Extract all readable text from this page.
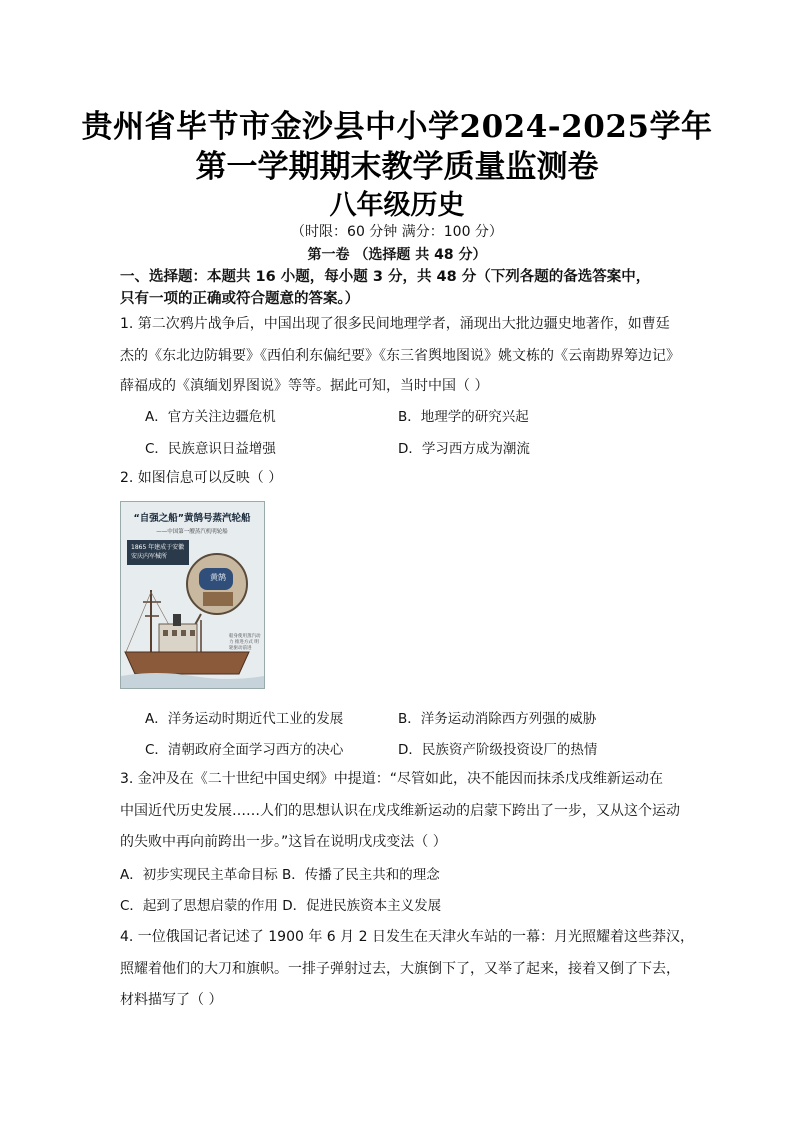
贵州省毕节市金沙县中小学2024-2025学年
第一学期期末教学质量监测卷
八年级历史
（时限：60 分钟 满分：100 分）
第一卷 （选择题 共 48 分）
一、选择题：本题共 16 小题，每小题 3 分，共 48 分（下列各题的备选答案中，
只有一项的正确或符合题意的答案。）
1. 第二次鸦片战争后，中国出现了很多民间地理学者，涌现出大批边疆史地著作，如曹廷
杰的《东北边防辑要》《西伯利东偏纪要》《东三省舆地图说》姚文栋的《云南勘界筹边记》
薛福成的《滇缅划界图说》等等。据此可知，当时中国（ ）
A．官方关注边疆危机	B．地理学的研究兴起
C．民族意识日益增强	D．学习西方成为潮流
2. 如图信息可以反映（ ）
“自强之船”黄鹄号蒸汽轮船
——中国第一艘蒸汽机明轮船
1865 年建成于安徽安庆内军械所
黄鹄
船身使用蒸汽动力 推进方式 明轮驱动前进
A．洋务运动时期近代工业的发展	B．洋务运动消除西方列强的威胁
C．清朝政府全面学习西方的决心	D．民族资产阶级投资设厂的热情
3. 金冲及在《二十世纪中国史纲》中提道：“尽管如此，决不能因而抹杀戊戌维新运动在
中国近代历史发展……人们的思想认识在戊戌维新运动的启蒙下跨出了一步，又从这个运动
的失败中再向前跨出一步。”这旨在说明戊戌变法（ ）
A．初步实现民主革命目标 B．传播了民主共和的理念
C．起到了思想启蒙的作用 D．促进民族资本主义发展
4. 一位俄国记者记述了 1900 年 6 月 2 日发生在天津火车站的一幕：月光照耀着这些莽汉，
照耀着他们的大刀和旗帜。一排子弹射过去，大旗倒下了，又举了起来，接着又倒了下去，
材料描写了（ ）
